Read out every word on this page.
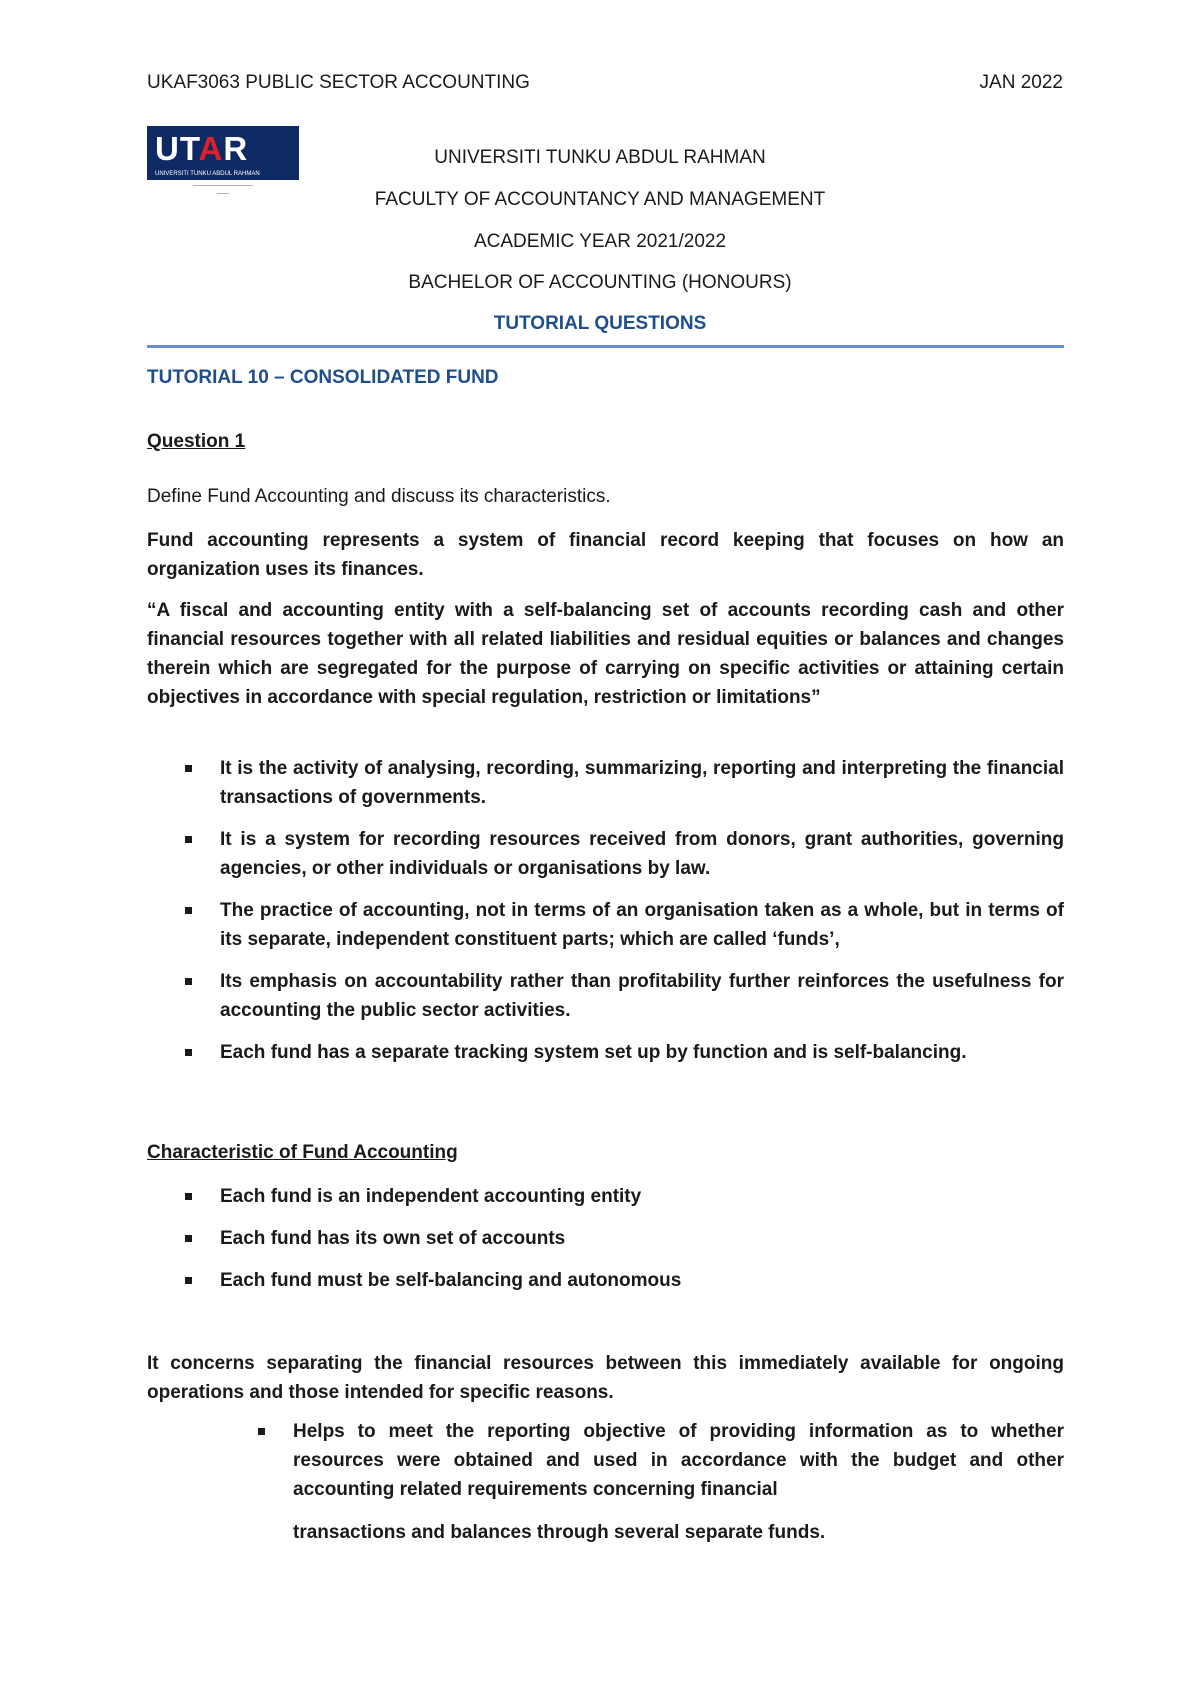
UKAF3063 PUBLIC SECTOR ACCOUNTING	JAN 2022
UTAR
UNIVERSITI TUNKU ABDUL RAHMAN
——————————
——
UNIVERSITI TUNKU ABDUL RAHMAN
FACULTY OF ACCOUNTANCY AND MANAGEMENT
ACADEMIC YEAR 2021/2022
BACHELOR OF ACCOUNTING (HONOURS)
TUTORIAL QUESTIONS
TUTORIAL 10 – CONSOLIDATED FUND
Question 1
Define Fund Accounting and discuss its characteristics.
Fund accounting represents a system of financial record keeping that focuses on how an organization uses its finances.
“A fiscal and accounting entity with a self-balancing set of accounts recording cash and other financial resources together with all related liabilities and residual equities or balances and changes therein which are segregated for the purpose of carrying on specific activities or attaining certain objectives in accordance with special regulation, restriction or limitations”
It is the activity of analysing, recording, summarizing, reporting and interpreting the financial transactions of governments.
It is a system for recording resources received from donors, grant authorities, governing agencies, or other individuals or organisations by law.
The practice of accounting, not in terms of an organisation taken as a whole, but in terms of its separate, independent constituent parts; which are called ‘funds’,
Its emphasis on accountability rather than profitability further reinforces the usefulness for accounting the public sector activities.
Each fund has a separate tracking system set up by function and is self-balancing.
Characteristic of Fund Accounting
Each fund is an independent accounting entity
Each fund has its own set of accounts
Each fund must be self-balancing and autonomous
It concerns separating the financial resources between this immediately available for ongoing operations and those intended for specific reasons.
Helps to meet the reporting objective of providing information as to whether resources were obtained and used in accordance with the budget and other accounting related requirements concerning financial
transactions and balances through several separate funds.
